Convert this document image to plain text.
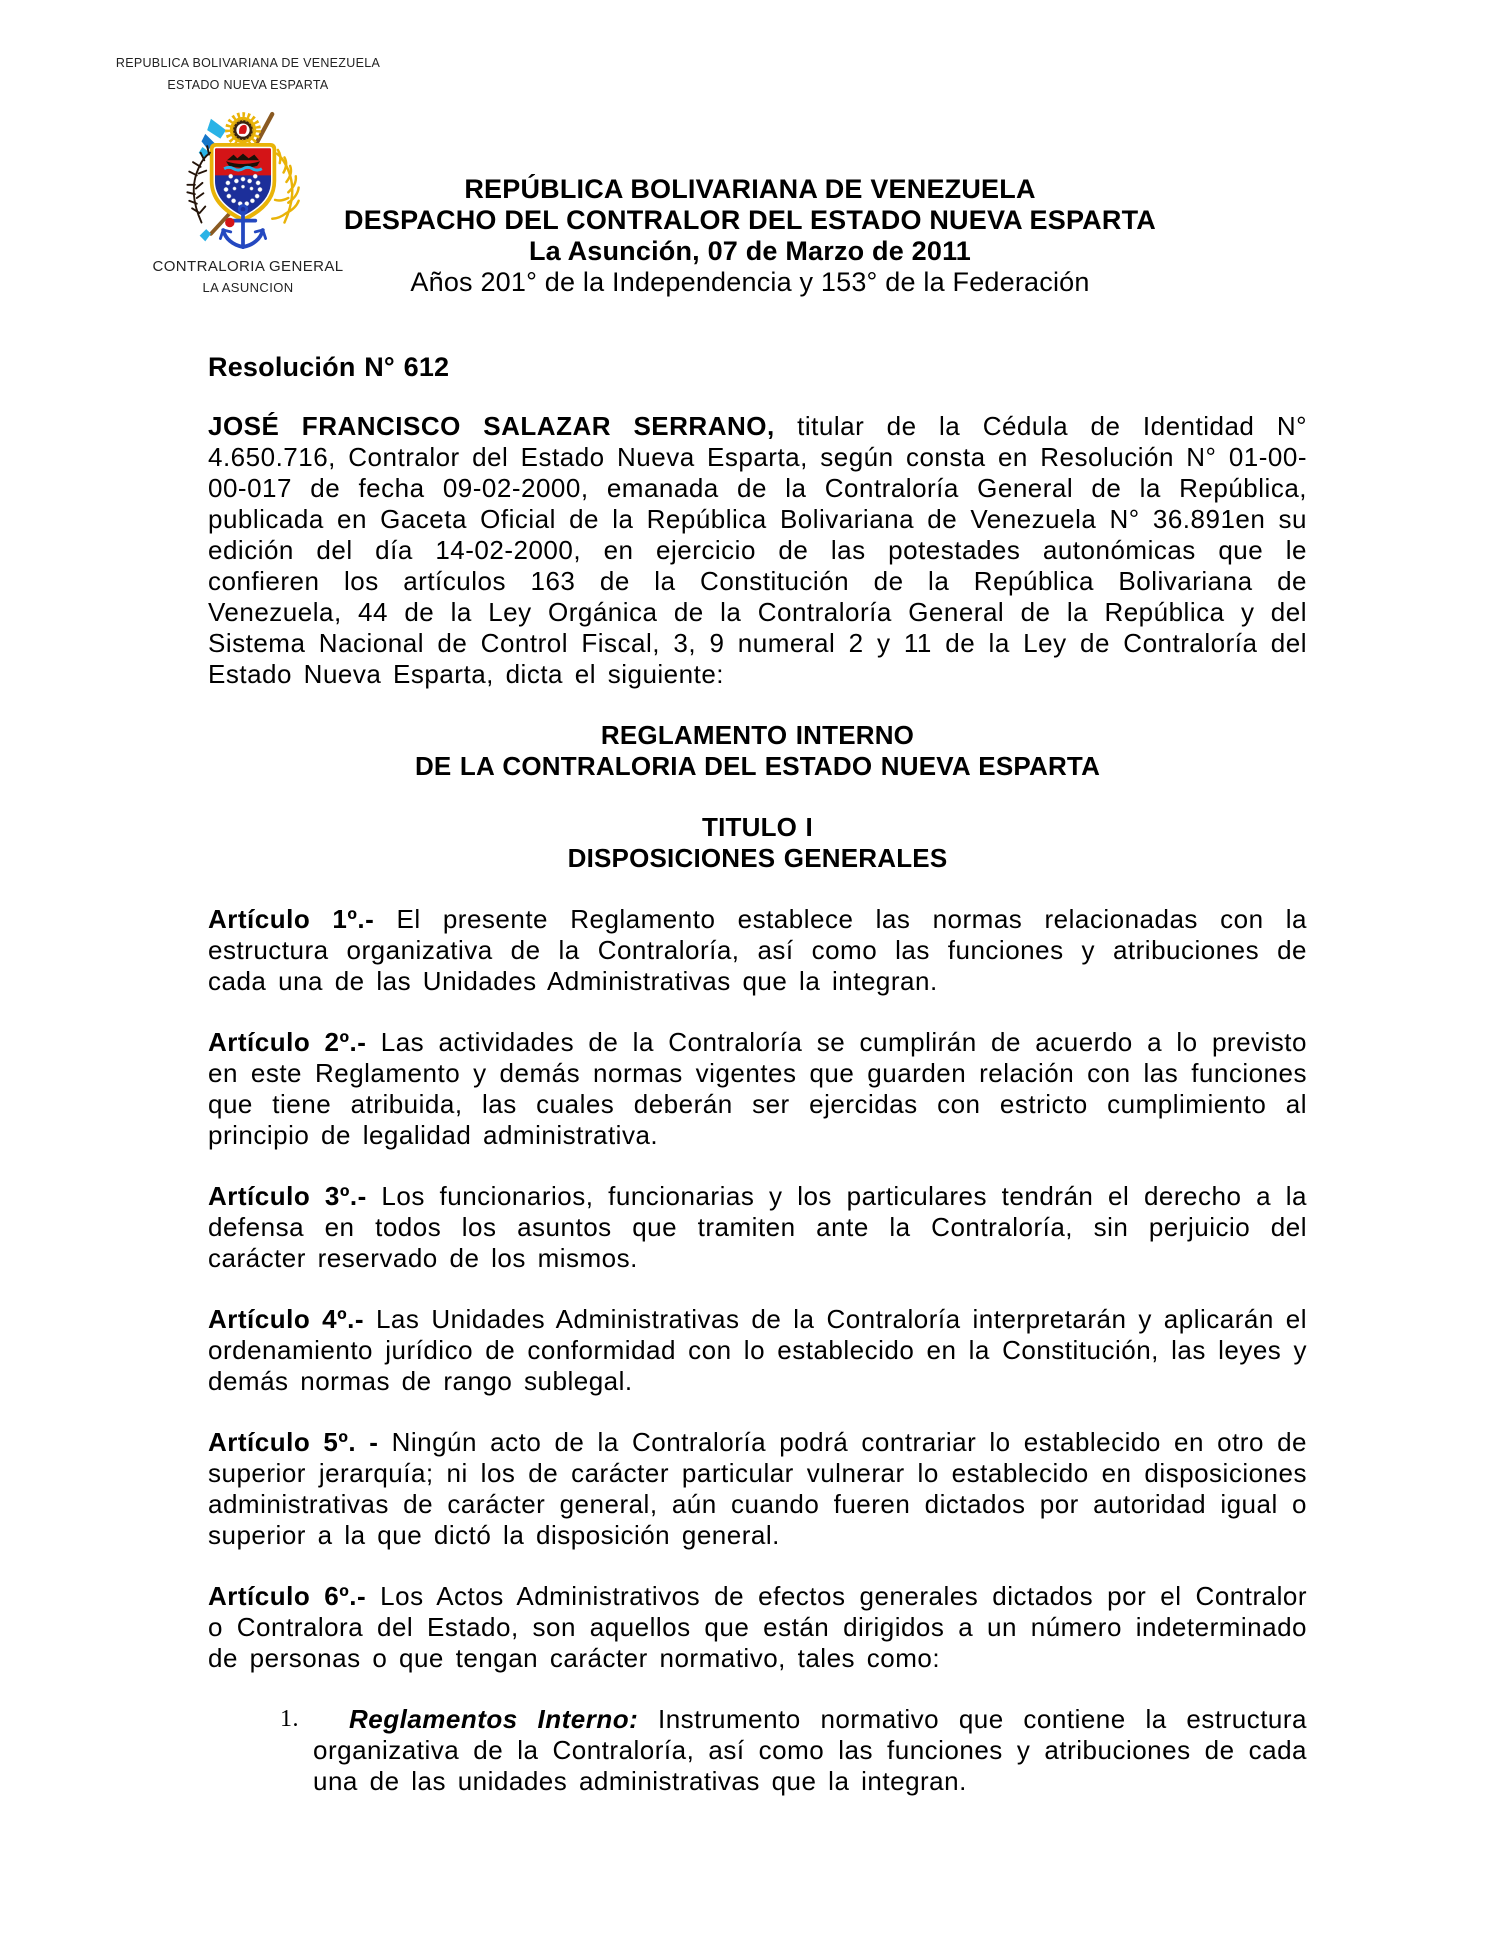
REPUBLICA BOLIVARIANA DE VENEZUELA
ESTADO NUEVA ESPARTA
CONTRALORIA GENERAL
LA ASUNCION
REPÚBLICA BOLIVARIANA DE VENEZUELA
DESPACHO DEL CONTRALOR DEL ESTADO NUEVA ESPARTA
La Asunción, 07 de Marzo de 2011
Años 201° de la Independencia y 153° de la Federación
Resolución N° 612

JOSÉ FRANCISCO SALAZAR SERRANO, titular de la Cédula de Identidad N° 4.650.716, Contralor del Estado Nueva Esparta, según consta en Resolución N° 01-00-00-017 de fecha 09-02-2000, emanada de la Contraloría General de la República, publicada en Gaceta Oficial de la República Bolivariana de Venezuela N° 36.891en su edición del día 14-02-2000, en ejercicio de las potestades autonómicas que le confieren los artículos 163 de la Constitución de la República Bolivariana de Venezuela, 44 de la Ley Orgánica de la Contraloría General de la República y del Sistema Nacional de Control Fiscal, 3, 9 numeral 2 y 11 de la Ley de Contraloría del Estado Nueva Esparta, dicta el siguiente:

REGLAMENTO INTERNO
DE LA CONTRALORIA DEL ESTADO NUEVA ESPARTA
TITULO I
DISPOSICIONES GENERALES

Artículo 1º.- El presente Reglamento establece las normas relacionadas con la estructura organizativa de la Contraloría, así como las funciones y atribuciones de cada una de las Unidades Administrativas que la integran.

Artículo 2º.- Las actividades de la Contraloría se cumplirán de acuerdo a lo previsto en este Reglamento y demás normas vigentes que guarden relación con las funciones que tiene atribuida, las cuales deberán ser ejercidas con estricto cumplimiento al principio de legalidad administrativa.

Artículo 3º.- Los funcionarios, funcionarias y los particulares tendrán el derecho a la defensa en todos los asuntos que tramiten ante la Contraloría, sin perjuicio del carácter reservado de los mismos.

Artículo 4º.- Las Unidades Administrativas de la Contraloría interpretarán y aplicarán el ordenamiento jurídico de conformidad con lo establecido en la Constitución, las leyes y demás normas de rango sublegal.

Artículo 5º. - Ningún acto de la Contraloría podrá contrariar lo establecido en otro de superior jerarquía; ni los de carácter particular vulnerar lo establecido en disposiciones administrativas de carácter general, aún cuando fueren dictados por autoridad igual o superior a la que dictó la disposición general.

Artículo 6º.- Los Actos Administrativos de efectos generales dictados por el Contralor o Contralora del Estado, son aquellos que están dirigidos a un número indeterminado de personas o que tengan carácter normativo, tales como:

1. Reglamentos Interno: Instrumento normativo que contiene la estructura organizativa de la Contraloría, así como las funciones y atribuciones de cada una de las unidades administrativas que la integran.
